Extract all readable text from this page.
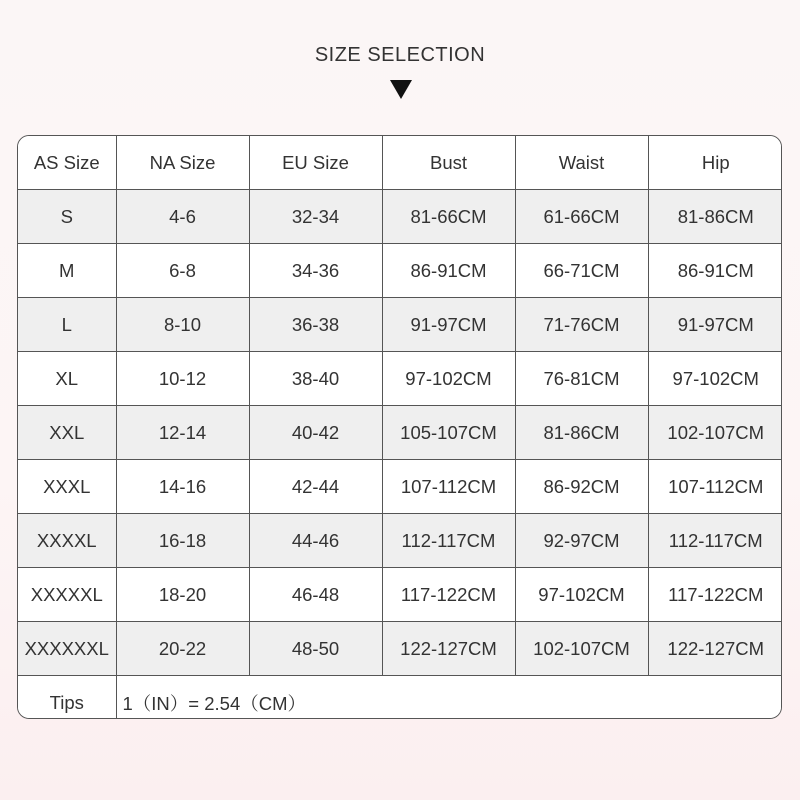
SIZE SELECTION
AS Size	NA Size	EU Size	Bust	Waist	Hip
S	4-6	32-34	81-66CM	61-66CM	81-86CM
M	6-8	34-36	86-91CM	66-71CM	86-91CM
L	8-10	36-38	91-97CM	71-76CM	91-97CM
XL	10-12	38-40	97-102CM	76-81CM	97-102CM
XXL	12-14	40-42	105-107CM	81-86CM	102-107CM
XXXL	14-16	42-44	107-112CM	86-92CM	107-112CM
XXXXL	16-18	44-46	112-117CM	92-97CM	112-117CM
XXXXXL	18-20	46-48	117-122CM	97-102CM	117-122CM
XXXXXXL	20-22	48-50	122-127CM	102-107CM	122-127CM
Tips	1（IN）= 2.54（CM）				
